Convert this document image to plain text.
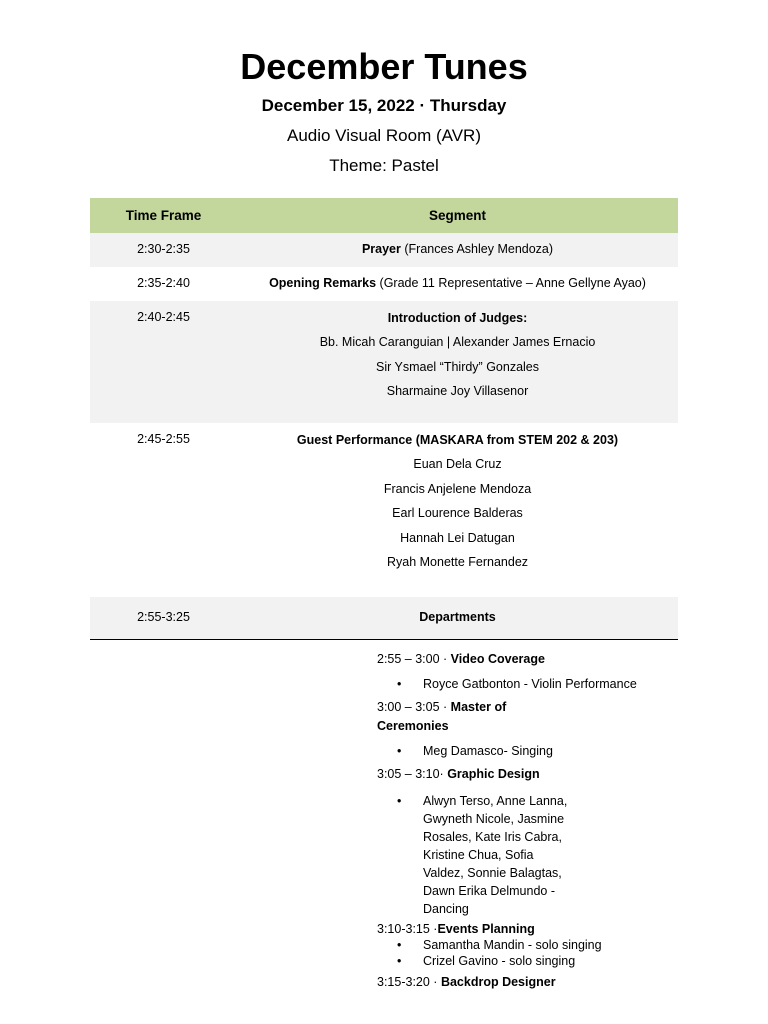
December Tunes
December 15, 2022 · Thursday
Audio Visual Room (AVR)
Theme: Pastel
Time Frame	Segment
2:30-2:35	Prayer (Frances Ashley Mendoza)
2:35-2:40	Opening Remarks (Grade 11 Representative – Anne Gellyne Ayao)
2:40-2:45	Introduction of Judges:
Bb. Micah Caranguian | Alexander James Ernacio
Sir Ysmael “Thirdy” Gonzales
Sharmaine Joy Villasenor
2:45-2:55	Guest Performance (MASKARA from STEM 202 & 203)
Euan Dela Cruz
Francis Anjelene Mendoza
Earl Lourence Balderas
Hannah Lei Datugan
Ryah Monette Fernandez
2:55-3:25	Departments
2:55 – 3:00 · Video Coverage
• Royce Gatbonton - Violin Performance
3:00 – 3:05 · Master of
Ceremonies
• Meg Damasco- Singing
3:05 – 3:10· Graphic Design
• Alwyn Terso, Anne Lanna,
Gwyneth Nicole, Jasmine
Rosales, Kate Iris Cabra,
Kristine Chua, Sofia
Valdez, Sonnie Balagtas,
Dawn Erika Delmundo -
Dancing
3:10-3:15 ·Events Planning
• Samantha Mandin - solo singing
• Crizel Gavino - solo singing
3:15-3:20 · Backdrop Designer
